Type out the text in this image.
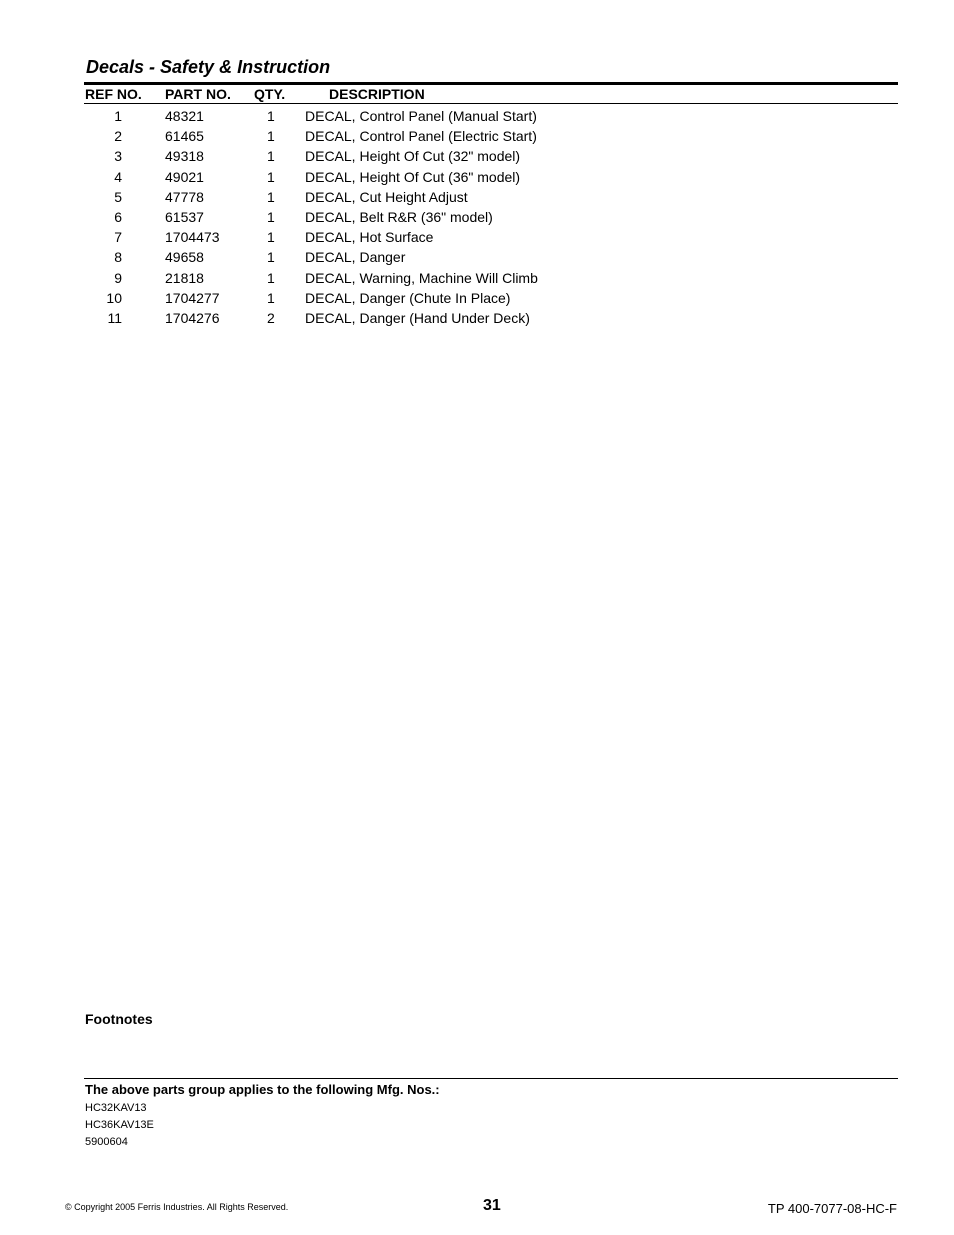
Decals - Safety & Instruction
REF NO. PART NO. QTY.	DESCRIPTION
1	48321	1 DECAL, Control Panel (Manual Start)
2	61465	1 DECAL, Control Panel (Electric Start)
3	49318	1 DECAL, Height Of Cut (32" model)
4	49021	1 DECAL, Height Of Cut (36" model)
5	47778	1 DECAL, Cut Height Adjust
6	61537	1 DECAL, Belt R&R (36" model)
7	1704473	1 DECAL, Hot Surface
8	49658	1 DECAL, Danger
9	21818	1 DECAL, Warning, Machine Will Climb
10	1704277	1 DECAL, Danger (Chute In Place)
11	1704276	2 DECAL, Danger (Hand Under Deck)
Footnotes
The above parts group applies to the following Mfg. Nos.:
HC32KAV13
HC36KAV13E
5900604
© Copyright 2005 Ferris Industries. All Rights Reserved.	31	TP 400-7077-08-HC-F
